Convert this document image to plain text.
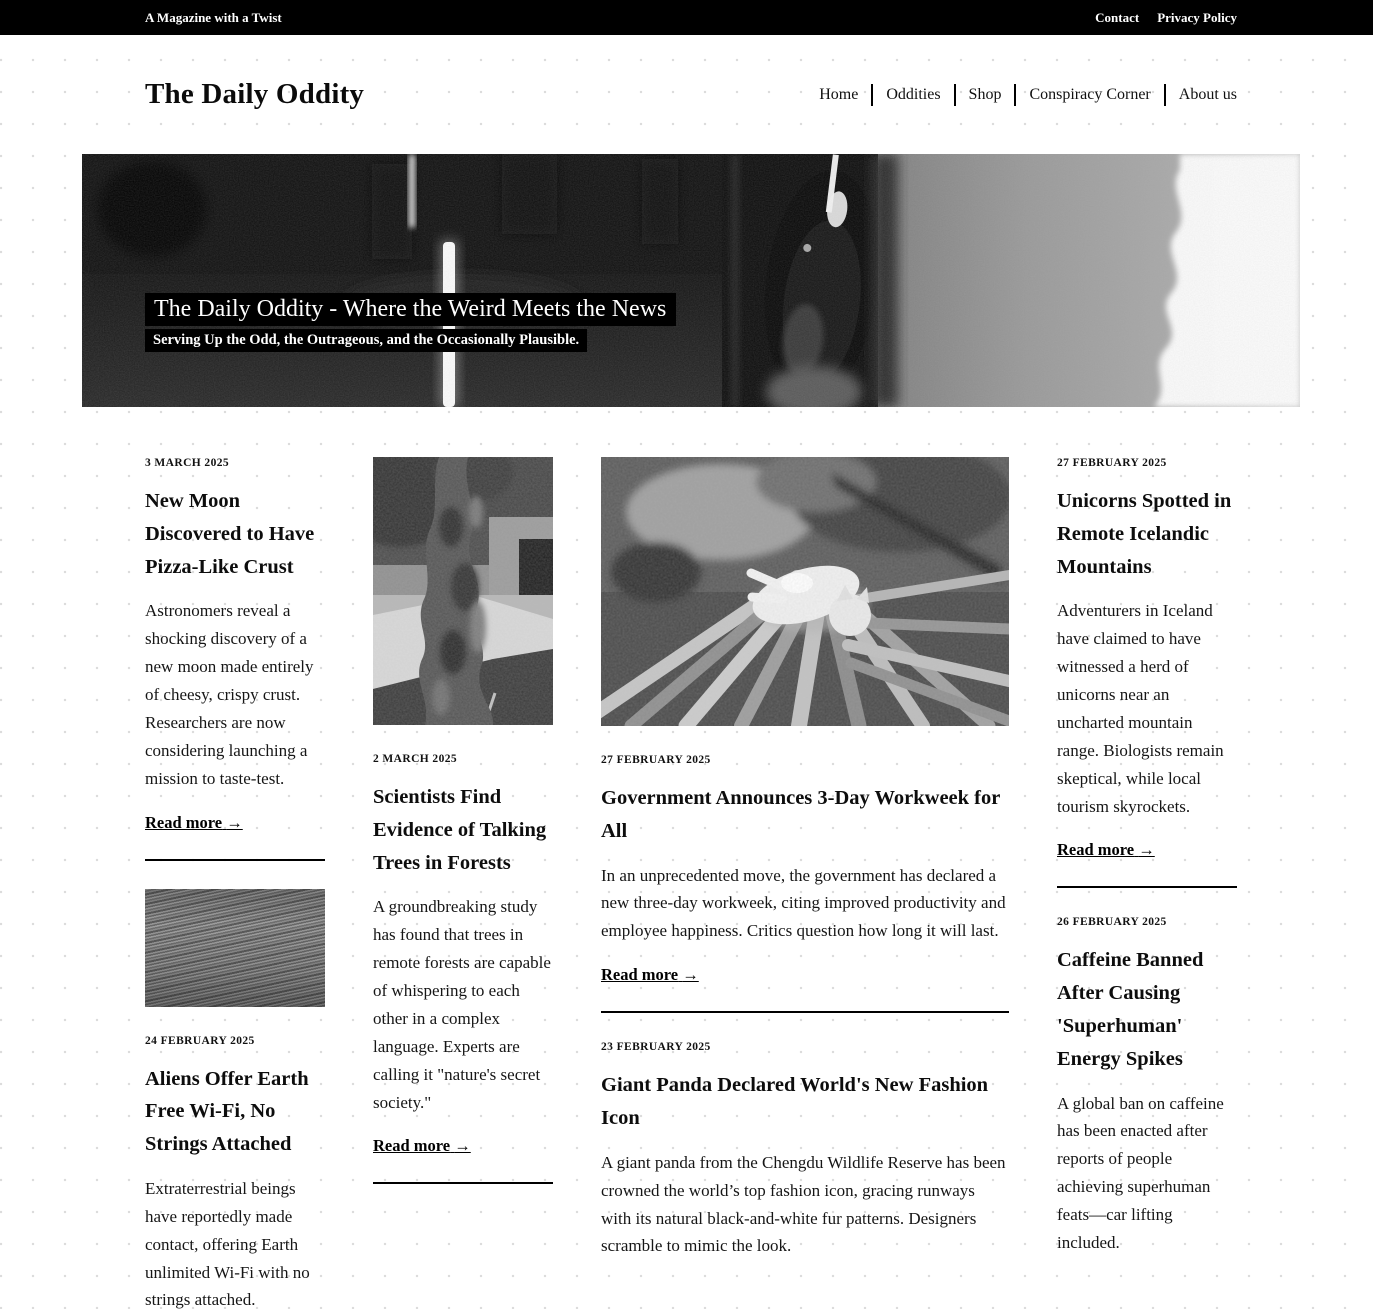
A Magazine with a Twist	Contact Privacy Policy
The Daily Oddity	Home Oddities Shop Conspiracy Corner About us
The Daily Oddity - Where the Weird Meets the News
Serving Up the Odd, the Outrageous, and the Occasionally Plausible.
3 MARCH 2025
New Moon Discovered to Have Pizza-Like Crust

Astronomers reveal a shocking discovery of a new moon made entirely of cheesy, crispy crust. Researchers are now considering launching a mission to taste-test.

Read more →
24 FEBRUARY 2025
Aliens Offer Earth Free Wi-Fi, No Strings Attached

Extraterrestrial beings have reportedly made contact, offering Earth unlimited Wi-Fi with no strings attached.

2 MARCH 2025
Scientists Find Evidence of Talking Trees in Forests

A groundbreaking study has found that trees in remote forests are capable of whispering to each other in a complex language. Experts are calling it "nature's secret society."

Read more →
27 FEBRUARY 2025
Government Announces 3-Day Workweek for All

In an unprecedented move, the government has declared a new three-day workweek, citing improved productivity and employee happiness. Critics question how long it will last.

Read more →
23 FEBRUARY 2025
Giant Panda Declared World's New Fashion Icon

A giant panda from the Chengdu Wildlife Reserve has been crowned the world’s top fashion icon, gracing runways with its natural black-and-white fur patterns. Designers scramble to mimic the look.

27 FEBRUARY 2025
Unicorns Spotted in Remote Icelandic Mountains

Adventurers in Iceland have claimed to have witnessed a herd of unicorns near an uncharted mountain range. Biologists remain skeptical, while local tourism skyrockets.

Read more →
26 FEBRUARY 2025
Caffeine Banned After Causing 'Superhuman' Energy Spikes

A global ban on caffeine has been enacted after reports of people achieving superhuman feats—car lifting included.
